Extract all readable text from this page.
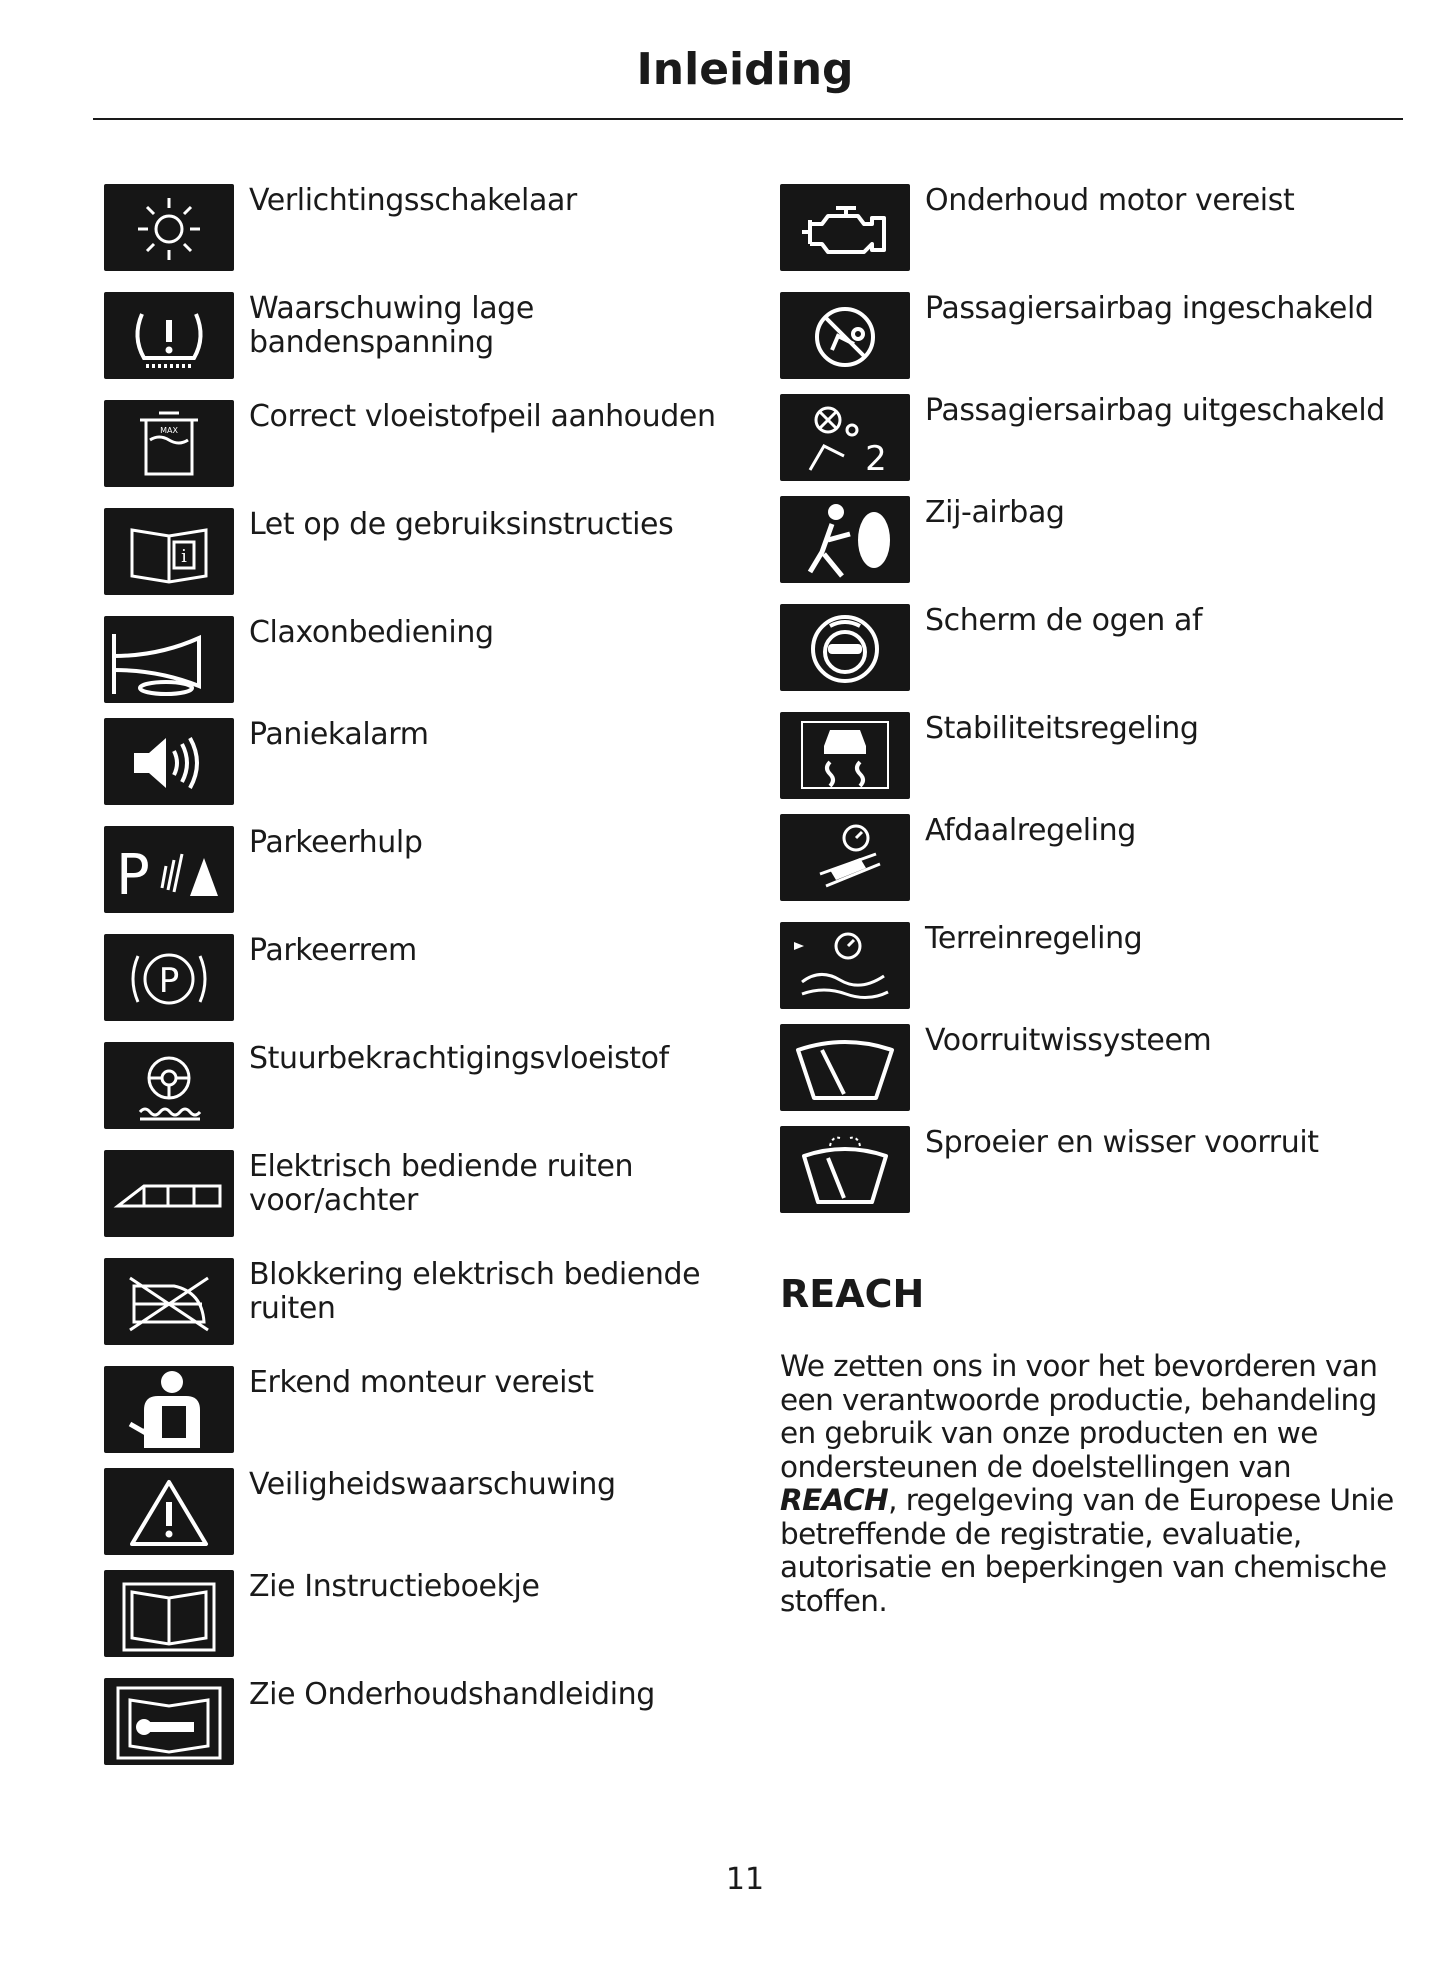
Inleiding
Verlichtingsschakelaar
Waarschuwing lage bandenspanning
MAX Correct vloeistofpeil aanhouden
i
Let op de gebruiksinstructies
Claxonbediening
Paniekalarm
P
Parkeerhulp
P
Parkeerrem
Stuurbekrachtigingsvloeistof
Elektrisch bediende ruiten voor/achter
Blokkering elektrisch bediende ruiten
Erkend monteur vereist
Veiligheidswaarschuwing
Zie Instructieboekje
Zie Onderhoudshandleiding
Onderhoud motor vereist
Passagiersairbag ingeschakeld
2
Passagiersairbag uitgeschakeld
Zij-airbag
Scherm de ogen af
Stabiliteitsregeling
Afdaalregeling
Terreinregeling
Voorruitwissysteem
Sproeier en wisser voorruit
REACH

We zetten ons in voor het bevorderen van een verantwoorde productie, behandeling en gebruik van onze producten en we ondersteunen de doelstellingen van REACH, regelgeving van de Europese Unie betreffende de registratie, evaluatie, autorisatie en beperkingen van chemische stoffen.

11
